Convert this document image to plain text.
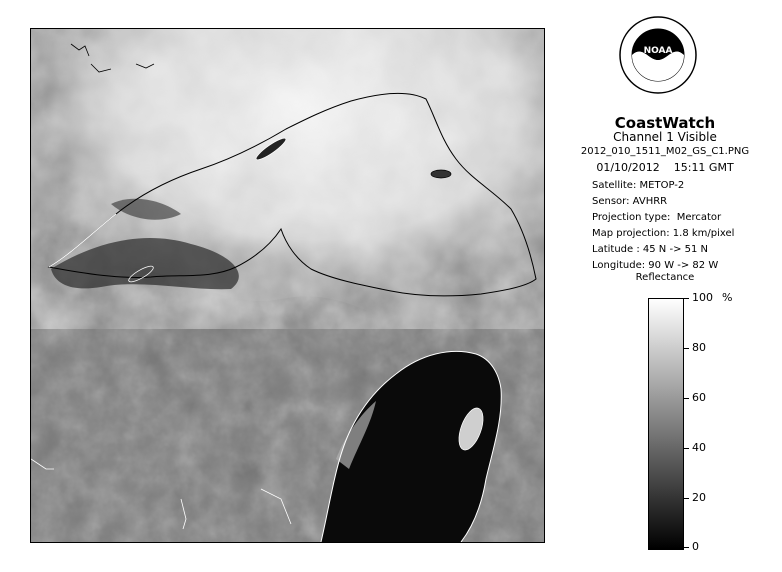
NOAA
CoastWatch
Channel 1 Visible
2012_010_1511_M02_GS_C1.PNG
01/10/2012 15:11 GMT
Satellite: METOP-2
Sensor: AVHRR
Projection type: Mercator
Map projection: 1.8 km/pixel
Latitude : 45 N -> 51 N
Longitude: 90 W -> 82 W
Reflectance
%
100
80
60
40
20
0
